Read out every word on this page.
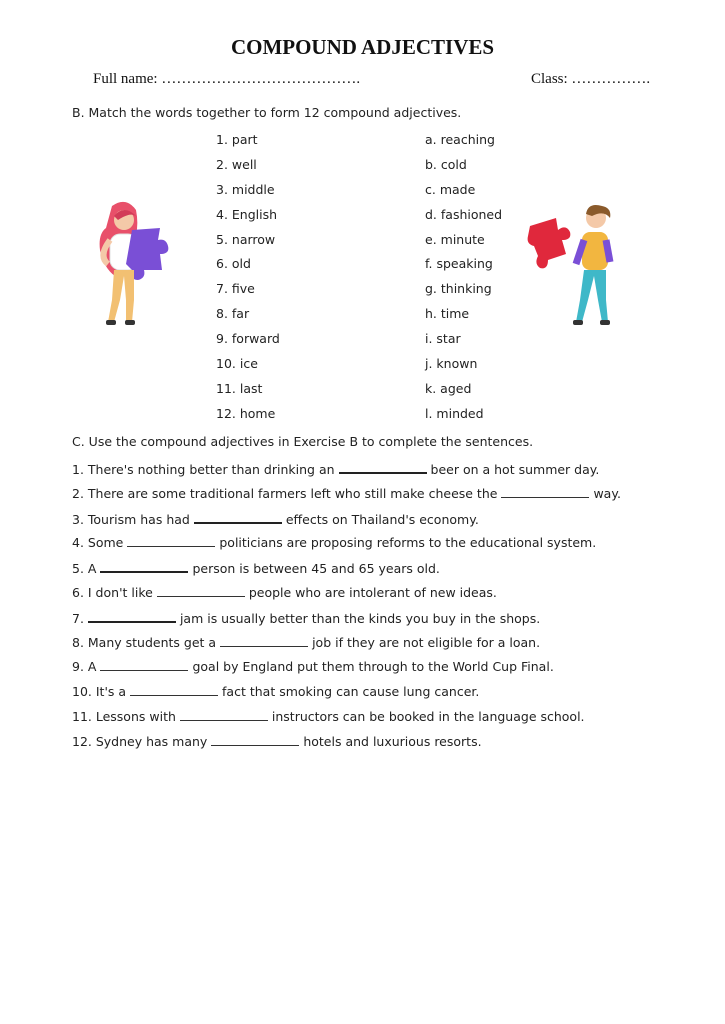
COMPOUND ADJECTIVES
Full name: ………………………………….	Class: …………….
B. Match the words together to form 12 compound adjectives.
1. part
2. well
3. middle
4. English
5. narrow
6. old
7. five
8. far
9. forward
10. ice
11. last
12. home
a. reaching
b. cold
c. made
d. fashioned
e. minute
f. speaking
g. thinking
h. time
i. star
j. known
k. aged
l. minded
C. Use the compound adjectives in Exercise B to complete the sentences.
1. There's nothing better than drinking an	beer on a hot summer day.
2. There are some traditional farmers left who still make cheese the	way.
3. Tourism has had	effects on Thailand's economy.
4. Some	politicians are proposing reforms to the educational system.
5. A	person is between 45 and 65 years old.
6. I don't like	people who are intolerant of new ideas.
7.	jam is usually better than the kinds you buy in the shops.
8. Many students get a	job if they are not eligible for a loan.
9. A	goal by England put them through to the World Cup Final.
10. It's a	fact that smoking can cause lung cancer.
11. Lessons with	instructors can be booked in the language school.
12. Sydney has many	hotels and luxurious resorts.
